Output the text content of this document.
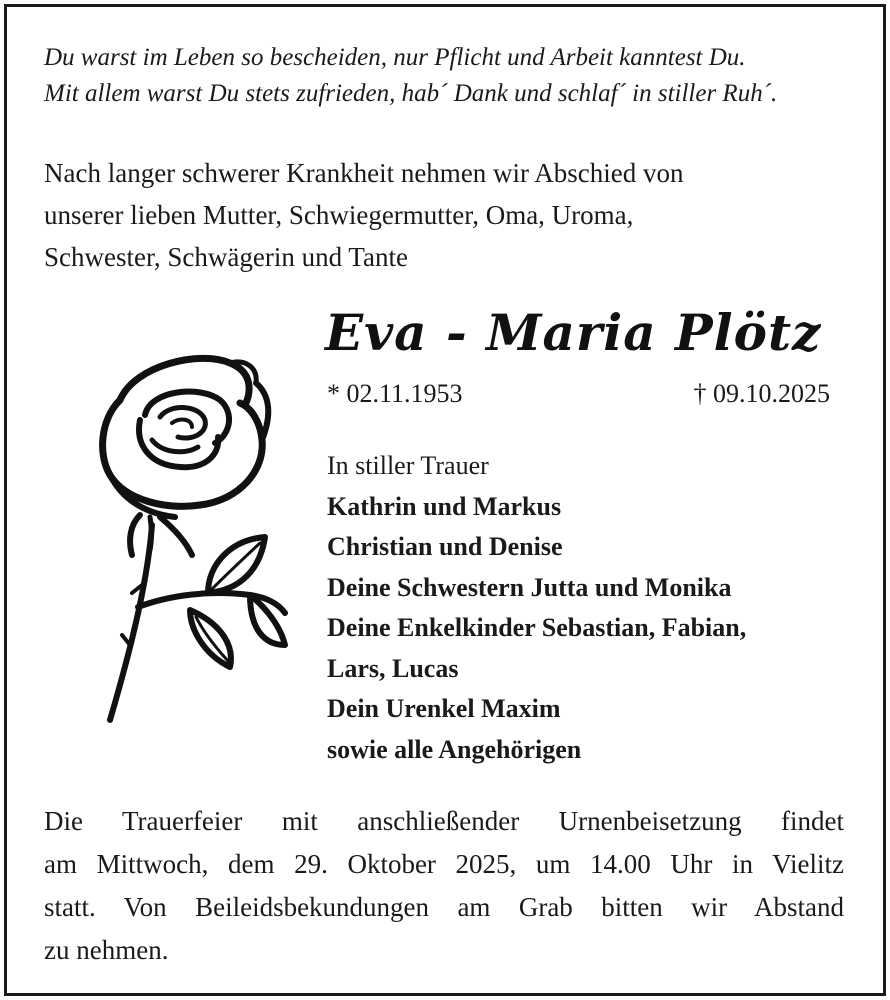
Du warst im Leben so bescheiden, nur Pflicht und Arbeit kanntest Du.
Mit allem warst Du stets zufrieden, hab´ Dank und schlaf´ in stiller Ruh´.
Nach langer schwerer Krankheit nehmen wir Abschied von
unserer lieben Mutter, Schwiegermutter, Oma, Uroma,
Schwester, Schwägerin und Tante
Eva - Maria Plötz
* 02.11.1953	† 09.10.2025
In stiller Trauer
Kathrin und Markus
Christian und Denise
Deine Schwestern Jutta und Monika
Deine Enkelkinder Sebastian, Fabian,
Lars, Lucas
Dein Urenkel Maxim
sowie alle Angehörigen
Die Trauerfeier mit anschließender Urnenbeisetzung findet
am Mittwoch, dem 29. Oktober 2025, um 14.00 Uhr in Vielitz
statt. Von Beileidsbekundungen am Grab bitten wir Abstand
zu nehmen.
